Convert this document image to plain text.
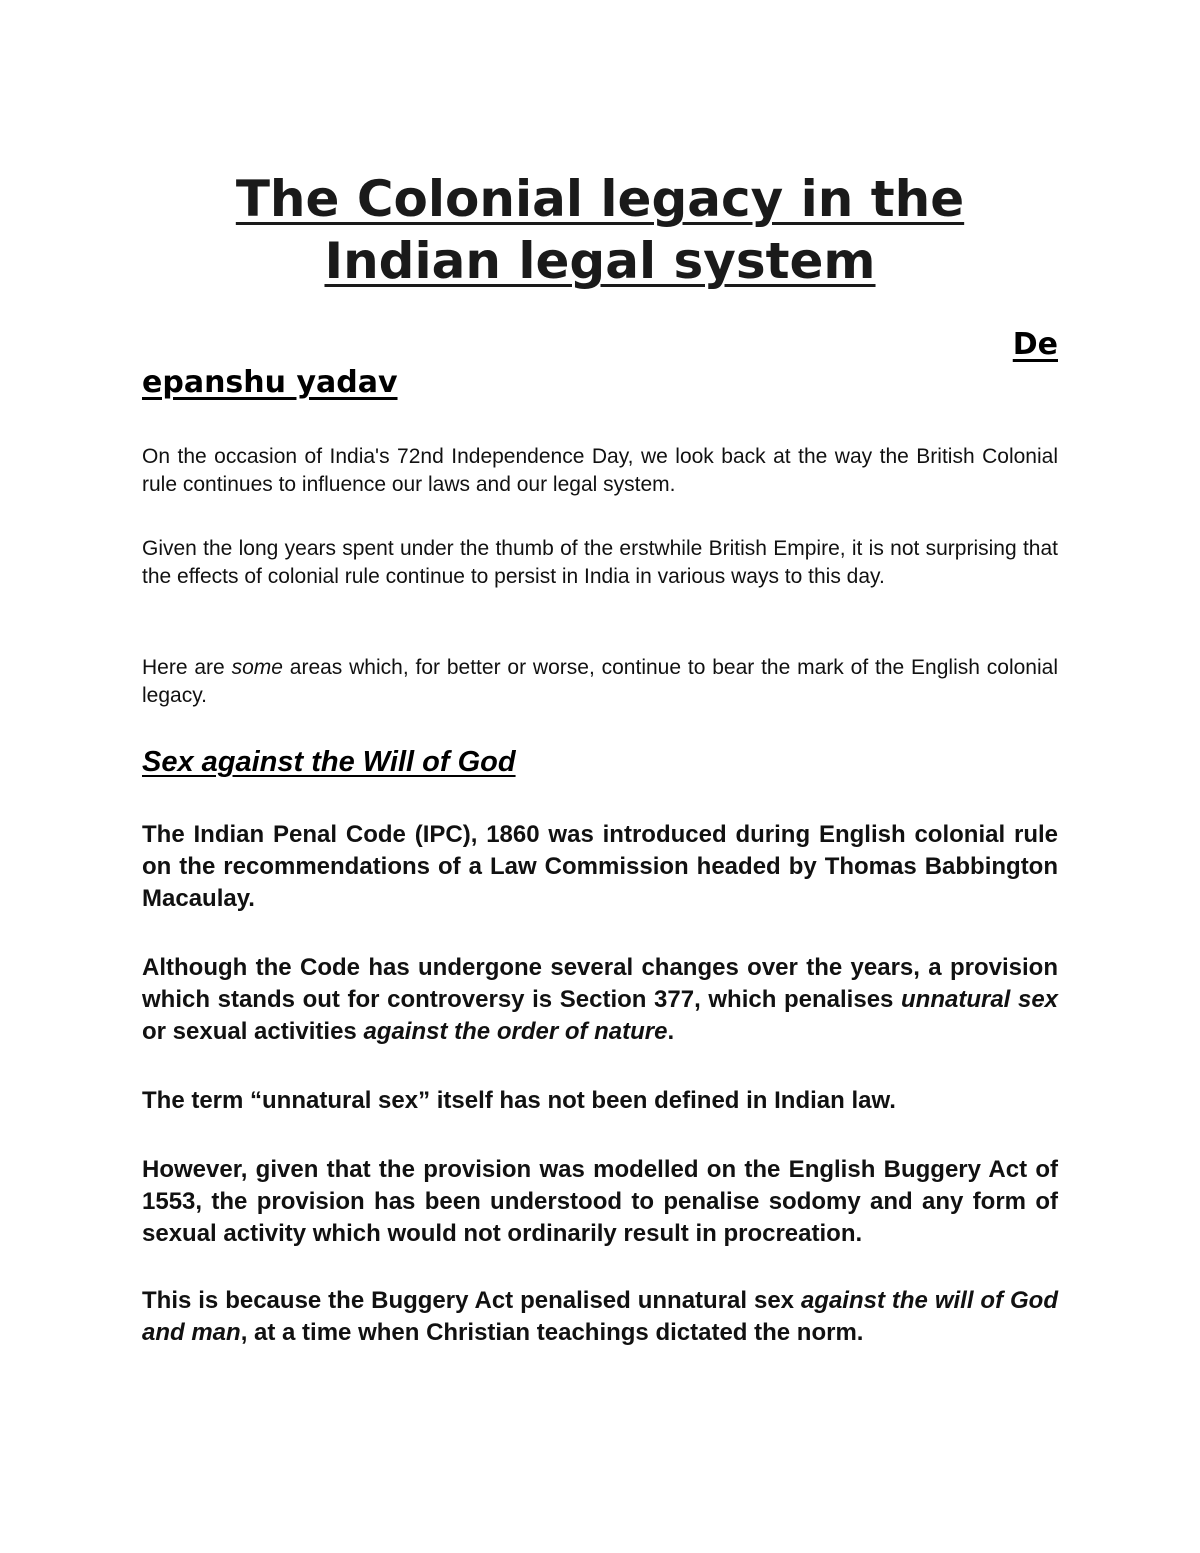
The Colonial legacy in the Indian legal system
De
epanshu yadav

On the occasion of India's 72nd Independence Day, we look back at the way the British Colonial rule continues to influence our laws and our legal system.

Given the long years spent under the thumb of the erstwhile British Empire, it is not surprising that the effects of colonial rule continue to persist in India in various ways to this day.

Here are some areas which, for better or worse, continue to bear the mark of the English colonial legacy.

Sex against the Will of God

The Indian Penal Code (IPC), 1860 was introduced during English colonial rule on the recommendations of a Law Commission headed by Thomas Babbington Macaulay.

Although the Code has undergone several changes over the years, a provision which stands out for controversy is Section 377, which penalises unnatural sex or sexual activities against the order of nature.

The term “unnatural sex” itself has not been defined in Indian law.

However, given that the provision was modelled on the English Buggery Act of 1553, the provision has been understood to penalise sodomy and any form of sexual activity which would not ordinarily result in procreation.

This is because the Buggery Act penalised unnatural sex against the will of God and man, at a time when Christian teachings dictated the norm.
